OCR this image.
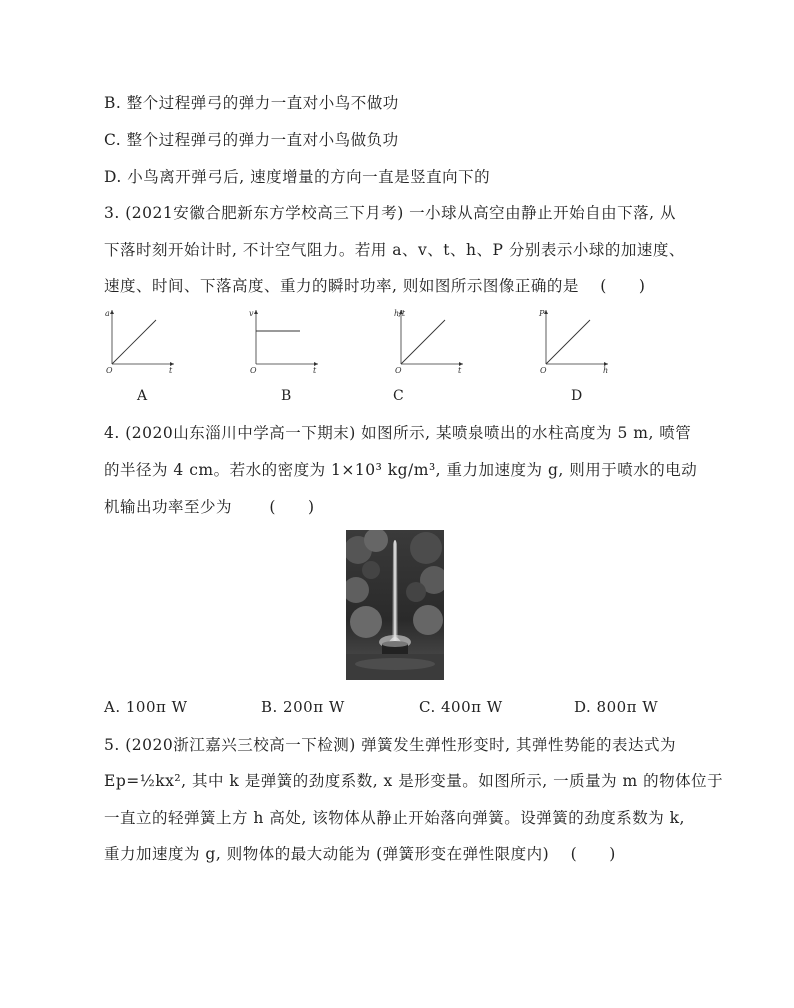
B. 整个过程弹弓的弹力一直对小鸟不做功
C. 整个过程弹弓的弹力一直对小鸟做负功
D. 小鸟离开弹弓后, 速度增量的方向一直是竖直向下的
3. (2021安徽合肥新东方学校高三下月考) 一小球从高空由静止开始自由下落, 从
下落时刻开始计时, 不计空气阻力。若用 a、v、t、h、P 分别表示小球的加速度、
速度、时间、下落高度、重力的瞬时功率, 则如图所示图像正确的是　 (　　)
a
t
O
v
t
O
h/t
t
O
P
h
O
A	B	C	D
4. (2020山东淄川中学高一下期末) 如图所示, 某喷泉喷出的水柱高度为 5 m, 喷管
的半径为 4 cm。若水的密度为 1×10³ kg/m³, 重力加速度为 g, 则用于喷水的电动
机输出功率至少为　　 (　　)
A. 100π W	B. 200π W	C. 400π W	D. 800π W
5. (2020浙江嘉兴三校高一下检测) 弹簧发生弹性形变时, 其弹性势能的表达式为
Ep=½kx², 其中 k 是弹簧的劲度系数, x 是形变量。如图所示, 一质量为 m 的物体位于
一直立的轻弹簧上方 h 高处, 该物体从静止开始落向弹簧。设弹簧的劲度系数为 k,
重力加速度为 g, 则物体的最大动能为 (弹簧形变在弹性限度内)　 (　　)
